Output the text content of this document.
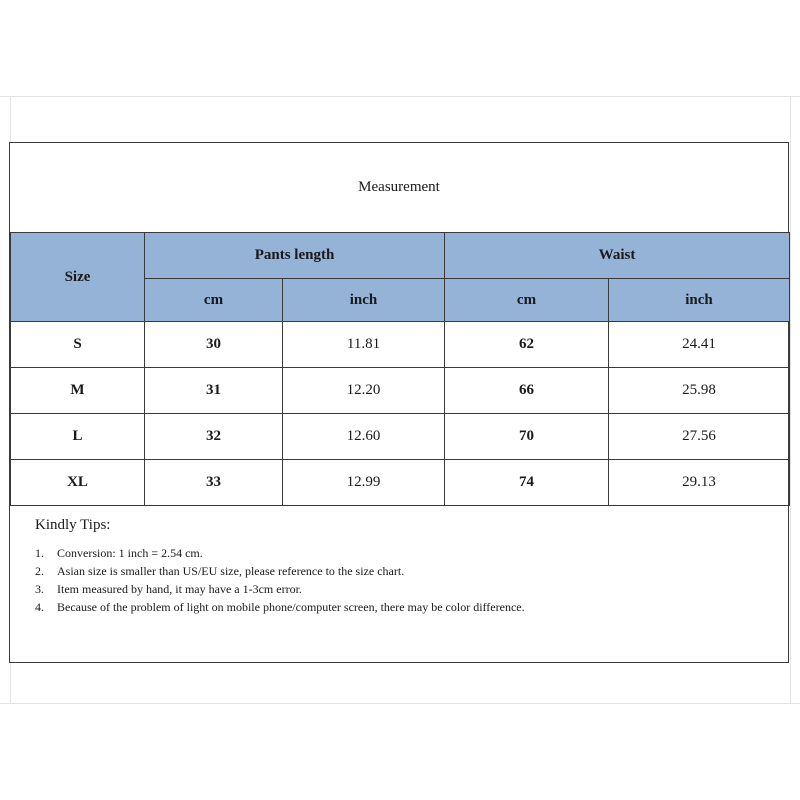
Measurement
Size	Pants length		Waist	
	cm	inch	cm	inch
S	30	11.81	62	24.41
M	31	12.20	66	25.98
L	32	12.60	70	27.56
XL	33	12.99	74	29.13
Kindly Tips:
1. Conversion: 1 inch = 2.54 cm.
2. Asian size is smaller than US/EU size, please reference to the size chart.
3. Item measured by hand, it may have a 1-3cm error.
4. Because of the problem of light on mobile phone/computer screen, there may be color difference.
